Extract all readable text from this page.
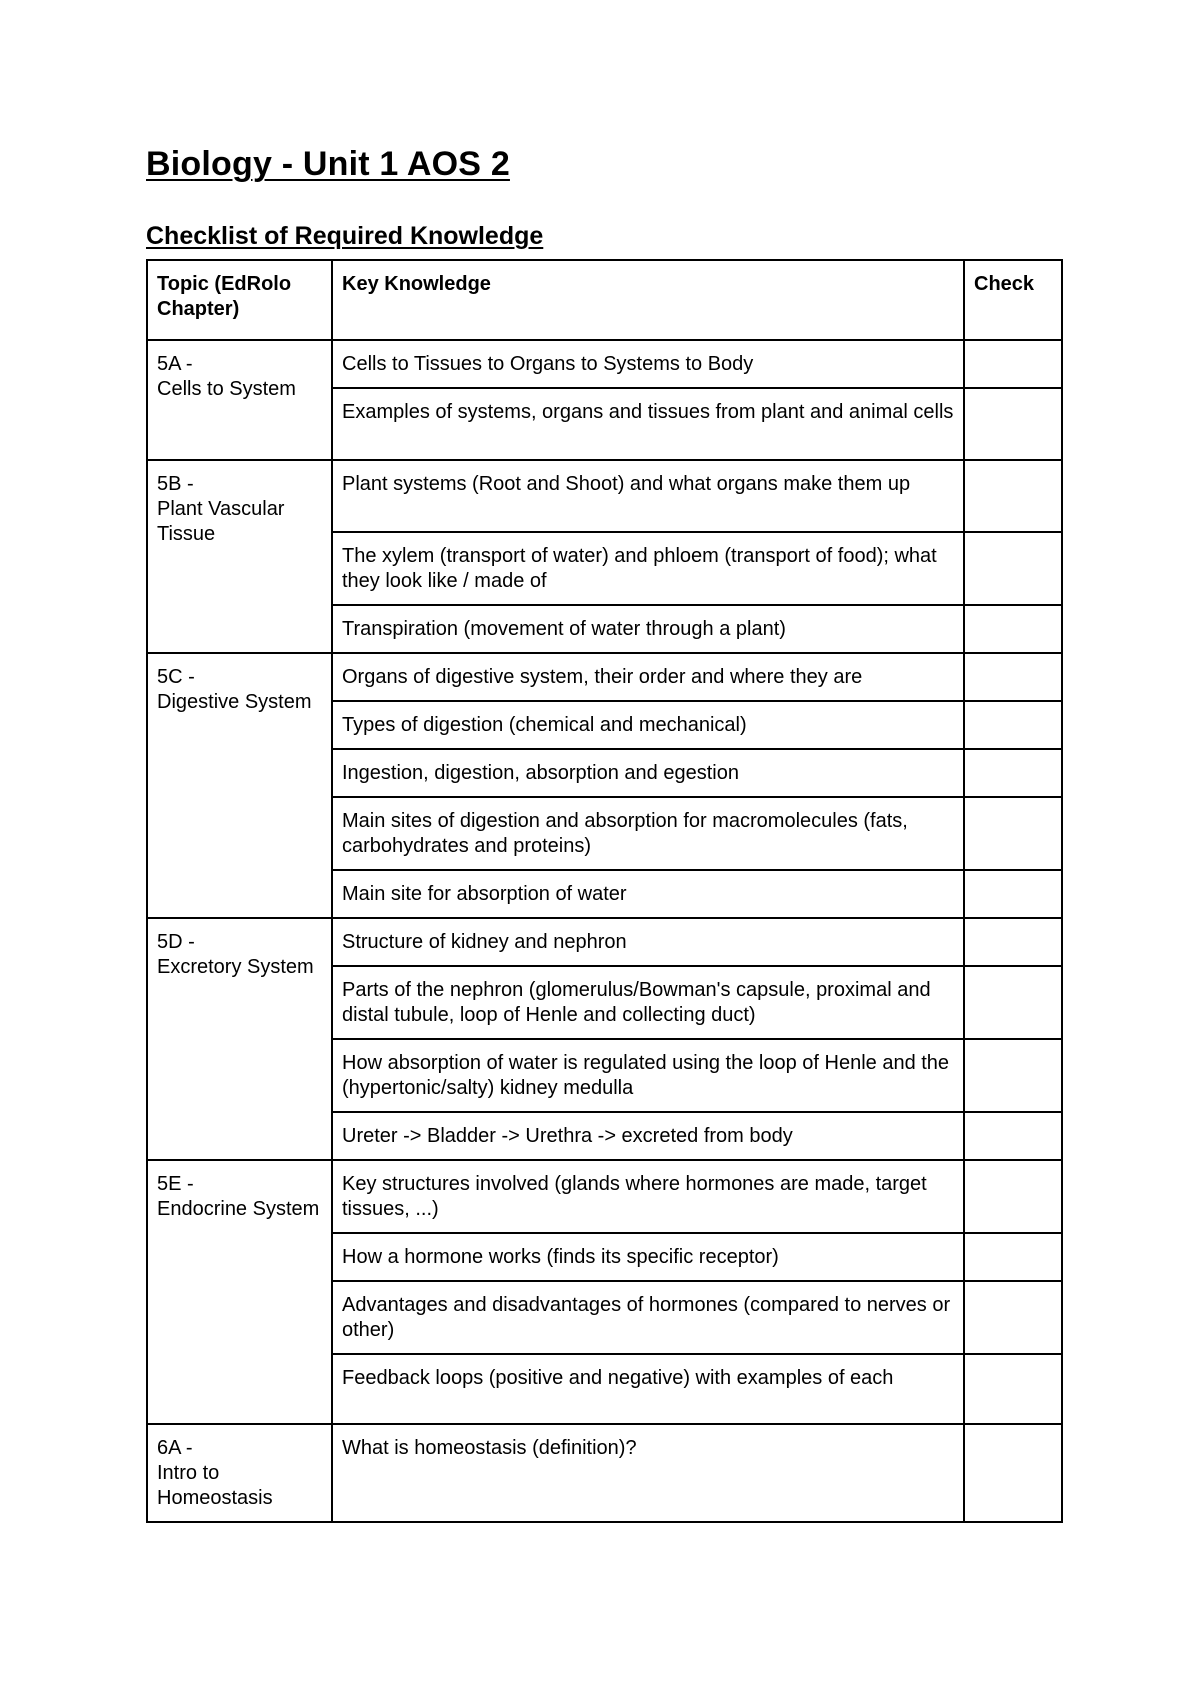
Biology - Unit 1 AOS 2
Checklist of Required Knowledge
Topic (EdRolo Chapter)	Key Knowledge	Check

5A -
Cells to System	Cells to Tissues to Organs to Systems to Body	
	Examples of systems, organs and tissues from plant and animal cells	

5B -
Plant Vascular Tissue	Plant systems (Root and Shoot) and what organs make them up	
	The xylem (transport of water) and phloem (transport of food); what they look like / made of	
	Transpiration (movement of water through a plant)	

5C -
Digestive System	Organs of digestive system, their order and where they are	
	Types of digestion (chemical and mechanical)	
	Ingestion, digestion, absorption and egestion	
	Main sites of digestion and absorption for macromolecules (fats, carbohydrates and proteins)	
	Main site for absorption of water	

5D -
Excretory System	Structure of kidney and nephron	
	Parts of the nephron (glomerulus/Bowman's capsule, proximal and distal tubule, loop of Henle and collecting duct)	
	How absorption of water is regulated using the loop of Henle and the (hypertonic/salty) kidney medulla	
	Ureter -> Bladder -> Urethra -> excreted from body	

5E -
Endocrine System	Key structures involved (glands where hormones are made, target tissues, ...)	
	How a hormone works (finds its specific receptor)	
	Advantages and disadvantages of hormones (compared to nerves or other)	
	Feedback loops (positive and negative) with examples of each	

6A -
Intro to Homeostasis	What is homeostasis (definition)?	
